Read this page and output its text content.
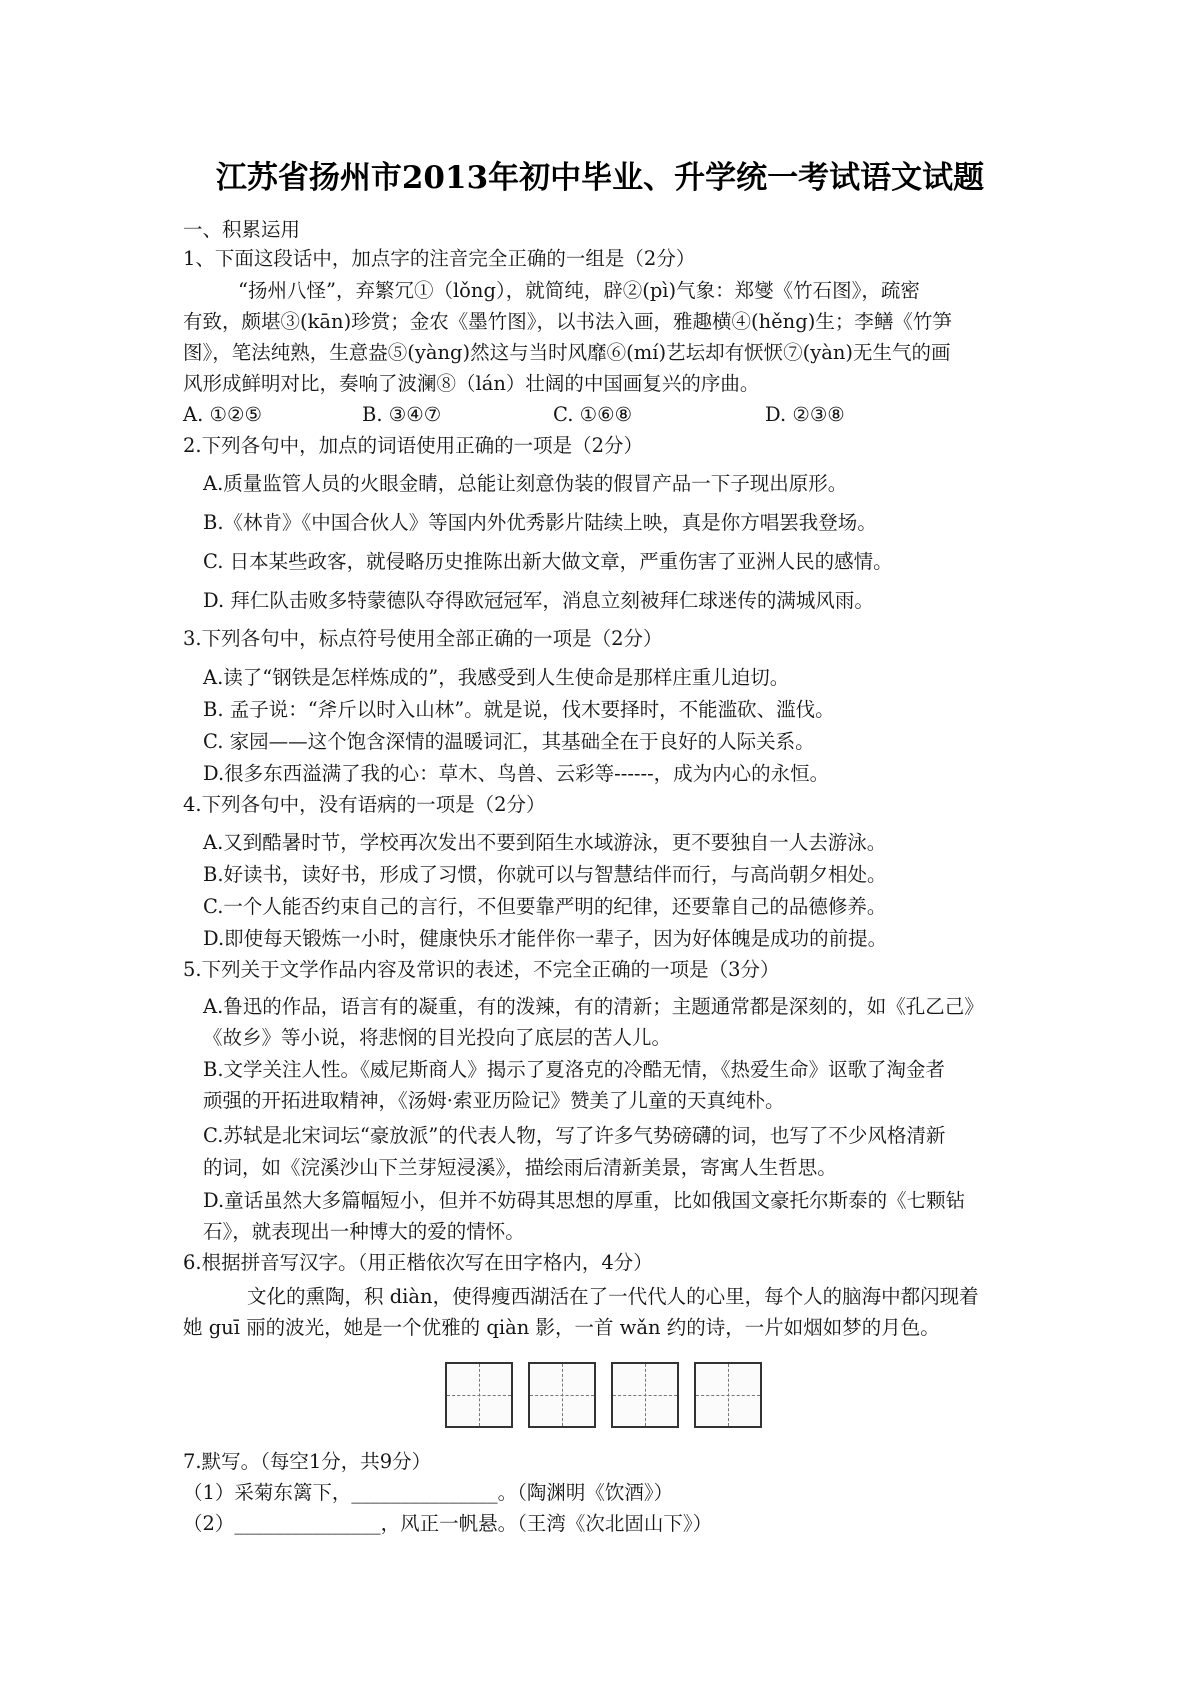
江苏省扬州市2013年初中毕业、升学统一考试语文试题
一、积累运用
1、下面这段话中，加点字的注音完全正确的一组是（2分）
“扬州八怪”，弃繁冗①（lǒng），就简纯，辟②(pì)气象：郑燮《竹石图》，疏密
有致，颇堪③(kān)珍赏；金农《墨竹图》，以书法入画，雅趣横④(hěng)生；李鳝《竹笋
图》，笔法纯熟，生意盎⑤(yàng)然这与当时风靡⑥(mí)艺坛却有恹恹⑦(yàn)无生气的画
风形成鲜明对比，奏响了波澜⑧（lán）壮阔的中国画复兴的序曲。
A. ①②⑤	B. ③④⑦	C. ①⑥⑧	D. ②③⑧
2.下列各句中，加点的词语使用正确的一项是（2分）
A.质量监管人员的火眼金睛，总能让刻意伪装的假冒产品一下子现出原形。
B.《林肯》《中国合伙人》等国内外优秀影片陆续上映，真是你方唱罢我登场。
C. 日本某些政客，就侵略历史推陈出新大做文章，严重伤害了亚洲人民的感情。
D. 拜仁队击败多特蒙德队夺得欧冠冠军，消息立刻被拜仁球迷传的满城风雨。
3.下列各句中，标点符号使用全部正确的一项是（2分）
A.读了“钢铁是怎样炼成的”，我感受到人生使命是那样庄重儿迫切。
B. 孟子说：“斧斤以时入山林”。就是说，伐木要择时，不能滥砍、滥伐。
C. 家园——这个饱含深情的温暖词汇，其基础全在于良好的人际关系。
D.很多东西溢满了我的心：草木、鸟兽、云彩等------，成为内心的永恒。
4.下列各句中，没有语病的一项是（2分）
A.又到酷暑时节，学校再次发出不要到陌生水域游泳，更不要独自一人去游泳。
B.好读书，读好书，形成了习惯，你就可以与智慧结伴而行，与高尚朝夕相处。
C.一个人能否约束自己的言行，不但要靠严明的纪律，还要靠自己的品德修养。
D.即使每天锻炼一小时，健康快乐才能伴你一辈子，因为好体魄是成功的前提。
5.下列关于文学作品内容及常识的表述，不完全正确的一项是（3分）
A.鲁迅的作品，语言有的凝重，有的泼辣，有的清新；主题通常都是深刻的，如《孔乙己》
《故乡》等小说，将悲悯的目光投向了底层的苦人儿。
B.文学关注人性。《威尼斯商人》揭示了夏洛克的冷酷无情，《热爱生命》讴歌了淘金者
顽强的开拓进取精神，《汤姆·索亚历险记》赞美了儿童的天真纯朴。
C.苏轼是北宋词坛“豪放派”的代表人物，写了许多气势磅礴的词，也写了不少风格清新
的词，如《浣溪沙山下兰芽短浸溪》，描绘雨后清新美景，寄寓人生哲思。
D.童话虽然大多篇幅短小，但并不妨碍其思想的厚重，比如俄国文豪托尔斯泰的《七颗钻
石》，就表现出一种博大的爱的情怀。
6.根据拼音写汉字。（用正楷依次写在田字格内，4分）
文化的熏陶，积 diàn，使得瘦西湖活在了一代代人的心里，每个人的脑海中都闪现着
她 guī 丽的波光，她是一个优雅的 qiàn 影，一首 wǎn 约的诗，一片如烟如梦的月色。
7.默写。（每空1分，共9分）
（1）采菊东篱下，_______________。（陶渊明《饮酒》）
（2）_______________，风正一帆悬。（王湾《次北固山下》）
